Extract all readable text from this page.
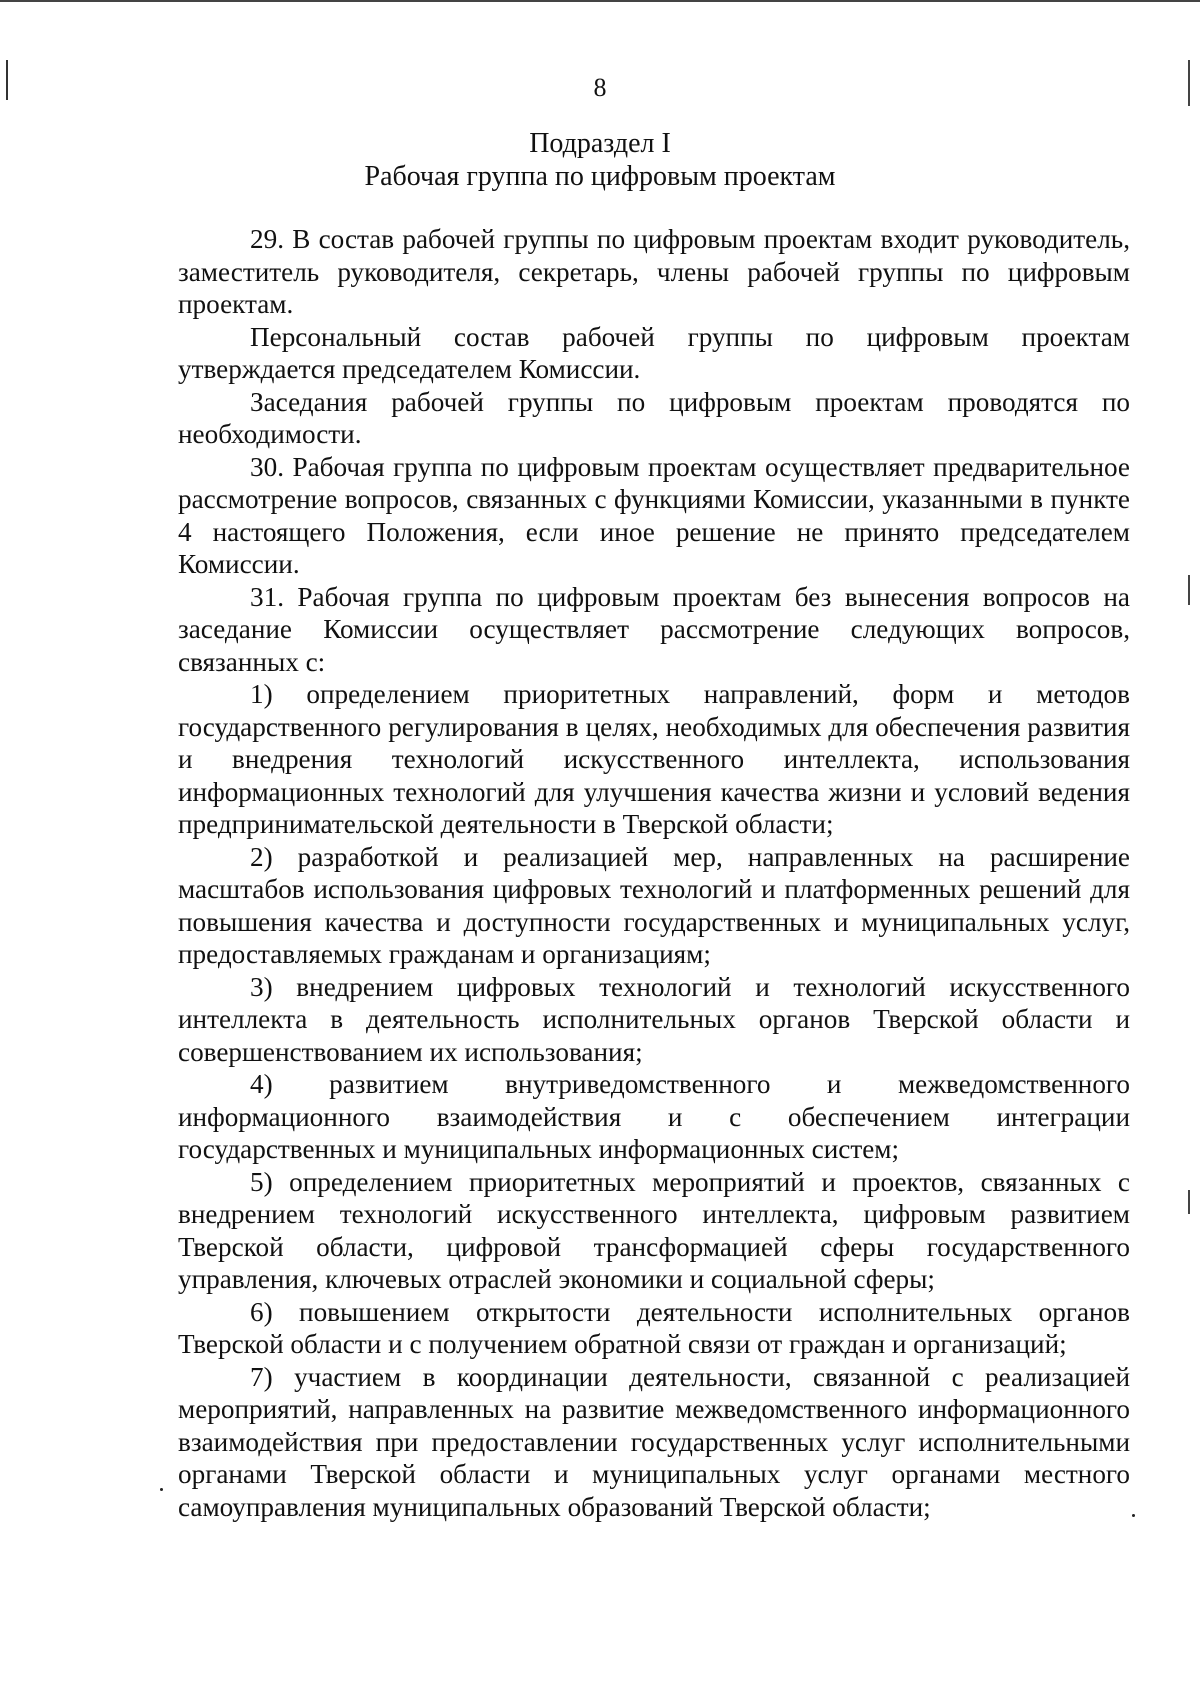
8
Подраздел I
Рабочая группа по цифровым проектам

29. В состав рабочей группы по цифровым проектам входит руководитель, заместитель руководителя, секретарь, члены рабочей группы по цифровым проектам.

Персональный состав рабочей группы по цифровым проектам утверждается председателем Комиссии.

Заседания рабочей группы по цифровым проектам проводятся по необходимости.

30. Рабочая группа по цифровым проектам осуществляет предварительное рассмотрение вопросов, связанных с функциями Комиссии, указанными в пункте 4 настоящего Положения, если иное решение не принято председателем Комиссии.

31. Рабочая группа по цифровым проектам без вынесения вопросов на заседание Комиссии осуществляет рассмотрение следующих вопросов, связанных с:

1) определением приоритетных направлений, форм и методов государственного регулирования в целях, необходимых для обеспечения развития и внедрения технологий искусственного интеллекта, использования информационных технологий для улучшения качества жизни и условий ведения предпринимательской деятельности в Тверской области;

2) разработкой и реализацией мер, направленных на расширение масштабов использования цифровых технологий и платформенных решений для повышения качества и доступности государственных и муниципальных услуг, предоставляемых гражданам и организациям;

3) внедрением цифровых технологий и технологий искусственного интеллекта в деятельность исполнительных органов Тверской области и совершенствованием их использования;

4) развитием внутриведомственного и межведомственного информационного взаимодействия и с обеспечением интеграции государственных и муниципальных информационных систем;

5) определением приоритетных мероприятий и проектов, связанных с внедрением технологий искусственного интеллекта, цифровым развитием Тверской области, цифровой трансформацией сферы государственного управления, ключевых отраслей экономики и социальной сферы;

6) повышением открытости деятельности исполнительных органов Тверской области и с получением обратной связи от граждан и организаций;

7) участием в координации деятельности, связанной с реализацией мероприятий, направленных на развитие межведомственного информационного взаимодействия при предоставлении государственных услуг исполнительными органами Тверской области и муниципальных услуг органами местного самоуправления муниципальных образований Тверской области;
